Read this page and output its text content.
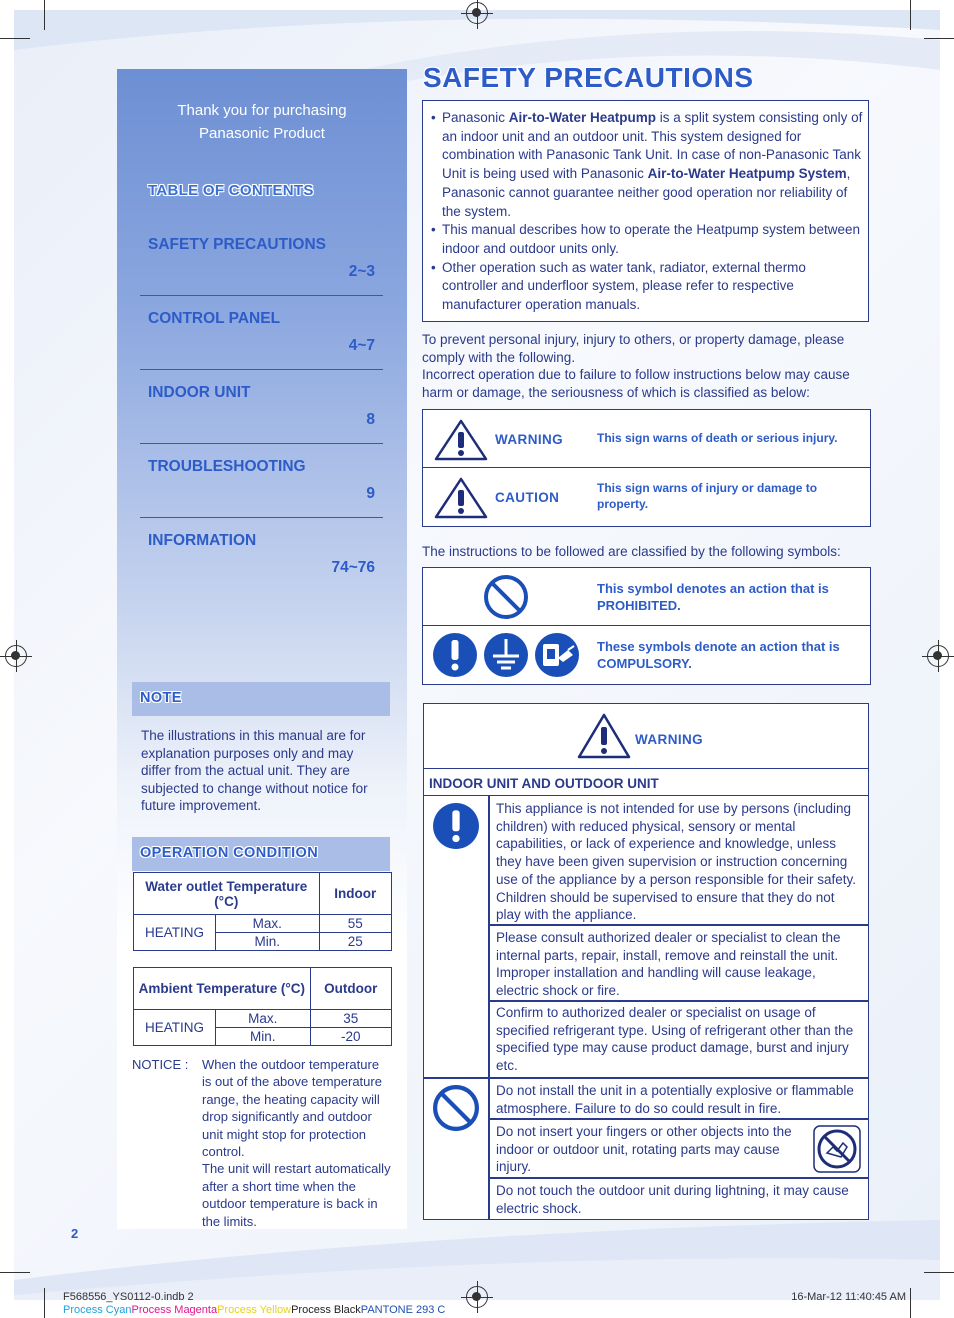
Thank you for purchasing
Panasonic Product
TABLE OF CONTENTS
SAFETY PRECAUTIONS
2~3
CONTROL PANEL
4~7
INDOOR UNIT
8
TROUBLESHOOTING
9
INFORMATION
74~76
NOTE
The illustrations in this manual are for explanation purposes only and may differ from the actual unit. They are subjected to change without notice for future improvement.
OPERATION CONDITION
Water outlet Temperature (°C)		Indoor
HEATING	Max.	55
	Min.	25
Ambient Temperature (°C)		Outdoor
HEATING	Max.	35
	Min.	-20
NOTICE : When the outdoor temperature is out of the above temperature range, the heating capacity will drop significantly and outdoor unit might stop for protection control.
The unit will restart automatically after a short time when the outdoor temperature is back in the limits.
SAFETY PRECAUTIONS
• Panasonic Air-to-Water Heatpump is a split system consisting only of an indoor unit and an outdoor unit. This system designed for combination with Panasonic Tank Unit. In case of non-Panasonic Tank Unit is being used with Panasonic Air-to-Water Heatpump System, Panasonic cannot guarantee neither good operation nor reliability of the system.
• This manual describes how to operate the Heatpump system between indoor and outdoor units only.
• Other operation such as water tank, radiator, external thermo controller and underfloor system, please refer to respective manufacturer operation manuals.
To prevent personal injury, injury to others, or property damage, please comply with the following.
Incorrect operation due to failure to follow instructions below may cause harm or damage, the seriousness of which is classified as below:
WARNING	This sign warns of death or serious injury.
CAUTION
This sign warns of injury or damage to property.
The instructions to be followed are classified by the following symbols:
This symbol denotes an action that is PROHIBITED.
These symbols denote an action that is COMPULSORY.
WARNING
INDOOR UNIT AND OUTDOOR UNIT
This appliance is not intended for use by persons (including children) with reduced physical, sensory or mental capabilities, or lack of experience and knowledge, unless they have been given supervision or instruction concerning use of the appliance by a person responsible for their safety. Children should be supervised to ensure that they do not play with the appliance.
Please consult authorized dealer or specialist to clean the internal parts, repair, install, remove and reinstall the unit. Improper installation and handling will cause leakage, electric shock or fire.
Confirm to authorized dealer or specialist on usage of specified refrigerant type. Using of refrigerant other than the specified type may cause product damage, burst and injury etc.
Do not install the unit in a potentially explosive or flammable atmosphere. Failure to do so could result in fire.
Do not insert your fingers or other objects into the indoor or outdoor unit, rotating parts may cause injury.
Do not touch the outdoor unit during lightning, it may cause electric shock.
2
F568556_YS0112-0.indb 2	16-Mar-12 11:40:45 AM
Process CyanProcess MagentaProcess YellowProcess BlackPANTONE 293 C
